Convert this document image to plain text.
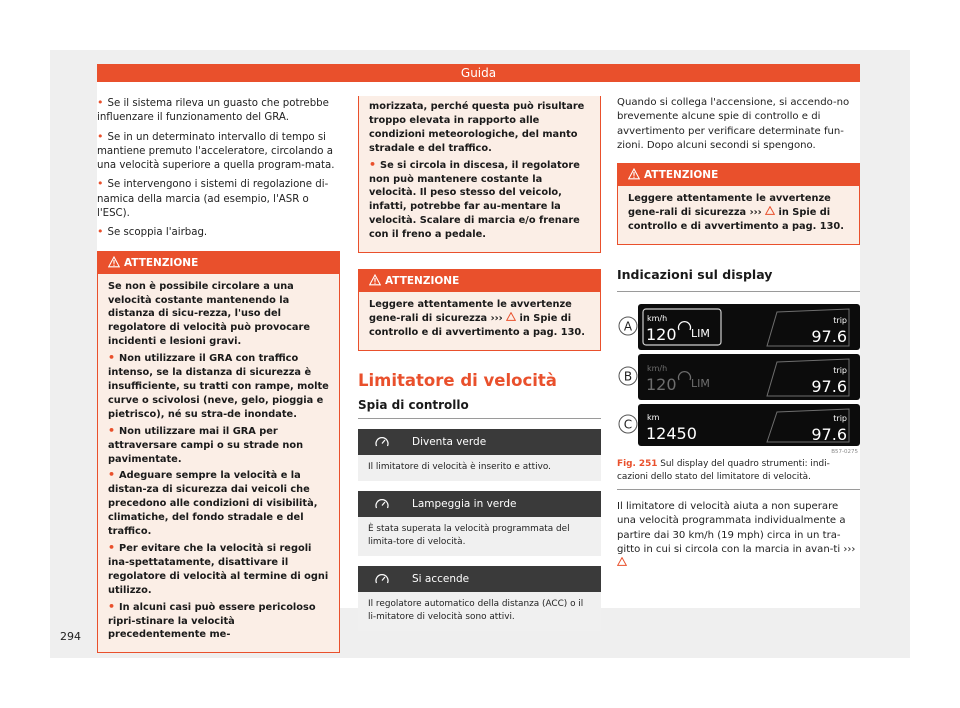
Guida

• Se il sistema rileva un guasto che potrebbe influenzare il funzionamento del GRA.

• Se in un determinato intervallo di tempo si mantiene premuto l'acceleratore, circolando a una velocità superiore a quella program-mata.

• Se intervengono i sistemi di regolazione di-namica della marcia (ad esempio, l'ASR o l'ESC).

• Se scoppia l'airbag.

ATTENZIONE

Se non è possibile circolare a una velocità costante mantenendo la distanza di sicu-rezza, l'uso del regolatore di velocità può provocare incidenti e lesioni gravi.

• Non utilizzare il GRA con traffico intenso, se la distanza di sicurezza è insufficiente, su tratti con rampe, molte curve o scivolosi (neve, gelo, pioggia e pietrisco), né su stra-de inondate.

• Non utilizzare mai il GRA per attraversare campi o su strade non pavimentate.

• Adeguare sempre la velocità e la distan-za di sicurezza dai veicoli che precedono alle condizioni di visibilità, climatiche, del fondo stradale e del traffico.

• Per evitare che la velocità si regoli ina-spettatamente, disattivare il regolatore di velocità al termine di ogni utilizzo.

• In alcuni casi può essere pericoloso ripri-stinare la velocità precedentemente me-

morizzata, perché questa può risultare troppo elevata in rapporto alle condizioni meteorologiche, del manto stradale e del traffico.

• Se si circola in discesa, il regolatore non può mantenere costante la velocità. Il peso stesso del veicolo, infatti, potrebbe far au-mentare la velocità. Scalare di marcia e/o frenare con il freno a pedale.

ATTENZIONE

Leggere attentamente le avvertenze gene-rali di sicurezza ›››  in Spie di controllo e di avvertimento a pag. 130.

Limitatore di velocità
Spia di controllo
Diventa verde
Il limitatore di velocità è inserito e attivo.
Lampeggia in verde
È stata superata la velocità programmata del limita-tore di velocità.
Si accende
Il regolatore automatico della distanza (ACC) o il li-mitatore di velocità sono attivi.

Quando si collega l'accensione, si accendo-no brevemente alcune spie di controllo e di avvertimento per verificare determinate fun-zioni. Dopo alcuni secondi si spengono.

ATTENZIONE

Leggere attentamente le avvertenze gene-rali di sicurezza ›››  in Spie di controllo e di avvertimento a pag. 130.

Indicazioni sul display
A
km/h
120 LIM
trip
97.6
B
km/h
120 LIM
trip
97.6
C km
12450
trip
97.6
B57-0275
Fig. 251 Sul display del quadro strumenti: indi-cazioni dello stato del limitatore di velocità.

Il limitatore di velocità aiuta a non superare una velocità programmata individualmente a partire dai 30 km/h (19 mph) circa in un tra-gitto in cui si circola con la marcia in avan-ti ›››

294
